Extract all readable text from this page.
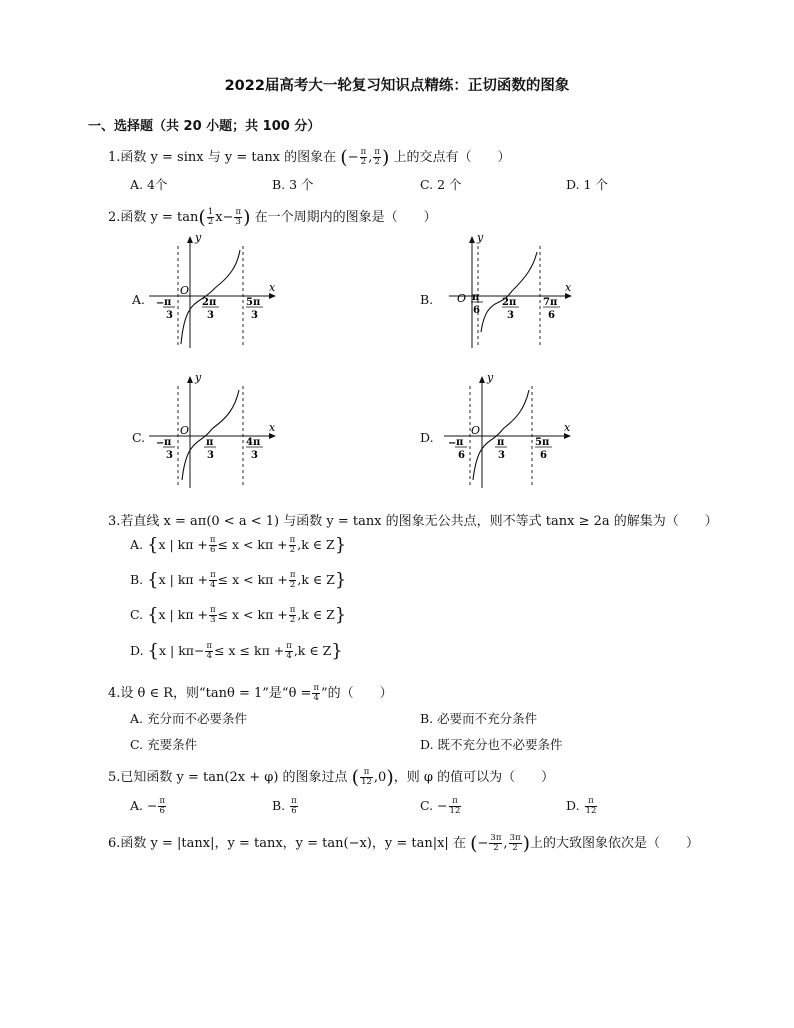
2022届高考大一轮复习知识点精练：正切函数的图象
一、选择题（共 20 小题；共 100 分）
1.函数 y = sinx 与 y = tanx 的图象在 (− $\frac{\pi}{2}$ , $\frac{\pi}{2}$ ) 上的交点有（　　）
A. 4个	B. 3 个	C. 2 个	D. 1 个
2.函数 $y = \tan( \frac{1}{2} x- \frac{\pi}{3}$ ) 在一个周期内的图象是（　　）
A.	B.
C.	D.
y
x
O
− π
3
2π
3
5π
3
y
x
O π
6
2π
3
7π
6
y
x
O
− π
3
π
3
4π
3
y
x
O
− π
6
π
3
5π
6
3.若直线 x = aπ(0 < a < 1) 与函数 y = tanx 的图象无公共点，则不等式 tanx ≥ 2a 的解集为（　　）
A. {x | $k\pi + \frac{\pi}{6} \le x < k\pi + \frac{\pi}{2} ,k$ ∈ Z}
B. {x | $k\pi + \frac{\pi}{4} \le x < k\pi + \frac{\pi}{2} ,k$ ∈ Z}
C. {x | $k\pi + \frac{\pi}{3} \le x < k\pi + \frac{\pi}{2} ,k$ ∈ Z}
D. {x | $k\pi- \frac{\pi}{4} \le x \le k\pi + \frac{\pi}{4} ,k$ ∈ Z}
4.设 θ ∈ R，则“tanθ = 1”是“$\theta = \frac{\pi}{4}$ ”的（　　）
A. 充分而不必要条件	B. 必要而不充分条件
C. 充要条件	D. 既不充分也不必要条件
5.已知函数 y = tan(2x + φ) 的图象过点 ( $\frac{\pi}{12} ,0$)，则 φ 的值可以为（　　）
A. − $\frac{\pi}{6}$	B. $\frac{\pi}{6}$	C. − $\frac{\pi}{12}$	D. $\frac{\pi}{12}$
6.函数 y = |tanx|，y = tanx，y = tan(−x)，y = tan|x| 在 (− $\frac{3\pi}{2}$ , $\frac{3\pi}{2}$ )上的大致图象依次是（　　）
